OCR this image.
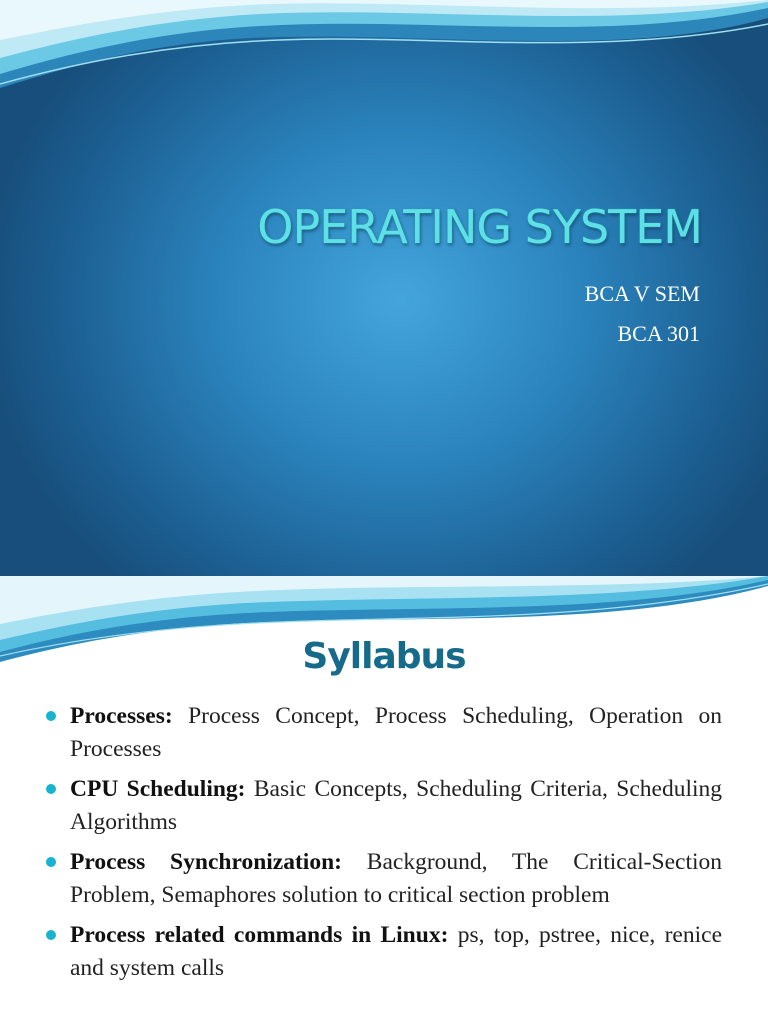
OPERATING SYSTEM
BCA V SEM
BCA 301
Syllabus
Processes: Process Concept, Process Scheduling, Operation on Processes
CPU Scheduling: Basic Concepts, Scheduling Criteria, Scheduling Algorithms
Process Synchronization: Background, The Critical-Section Problem, Semaphores solution to critical section problem
Process related commands in Linux: ps, top, pstree, nice, renice and system calls
